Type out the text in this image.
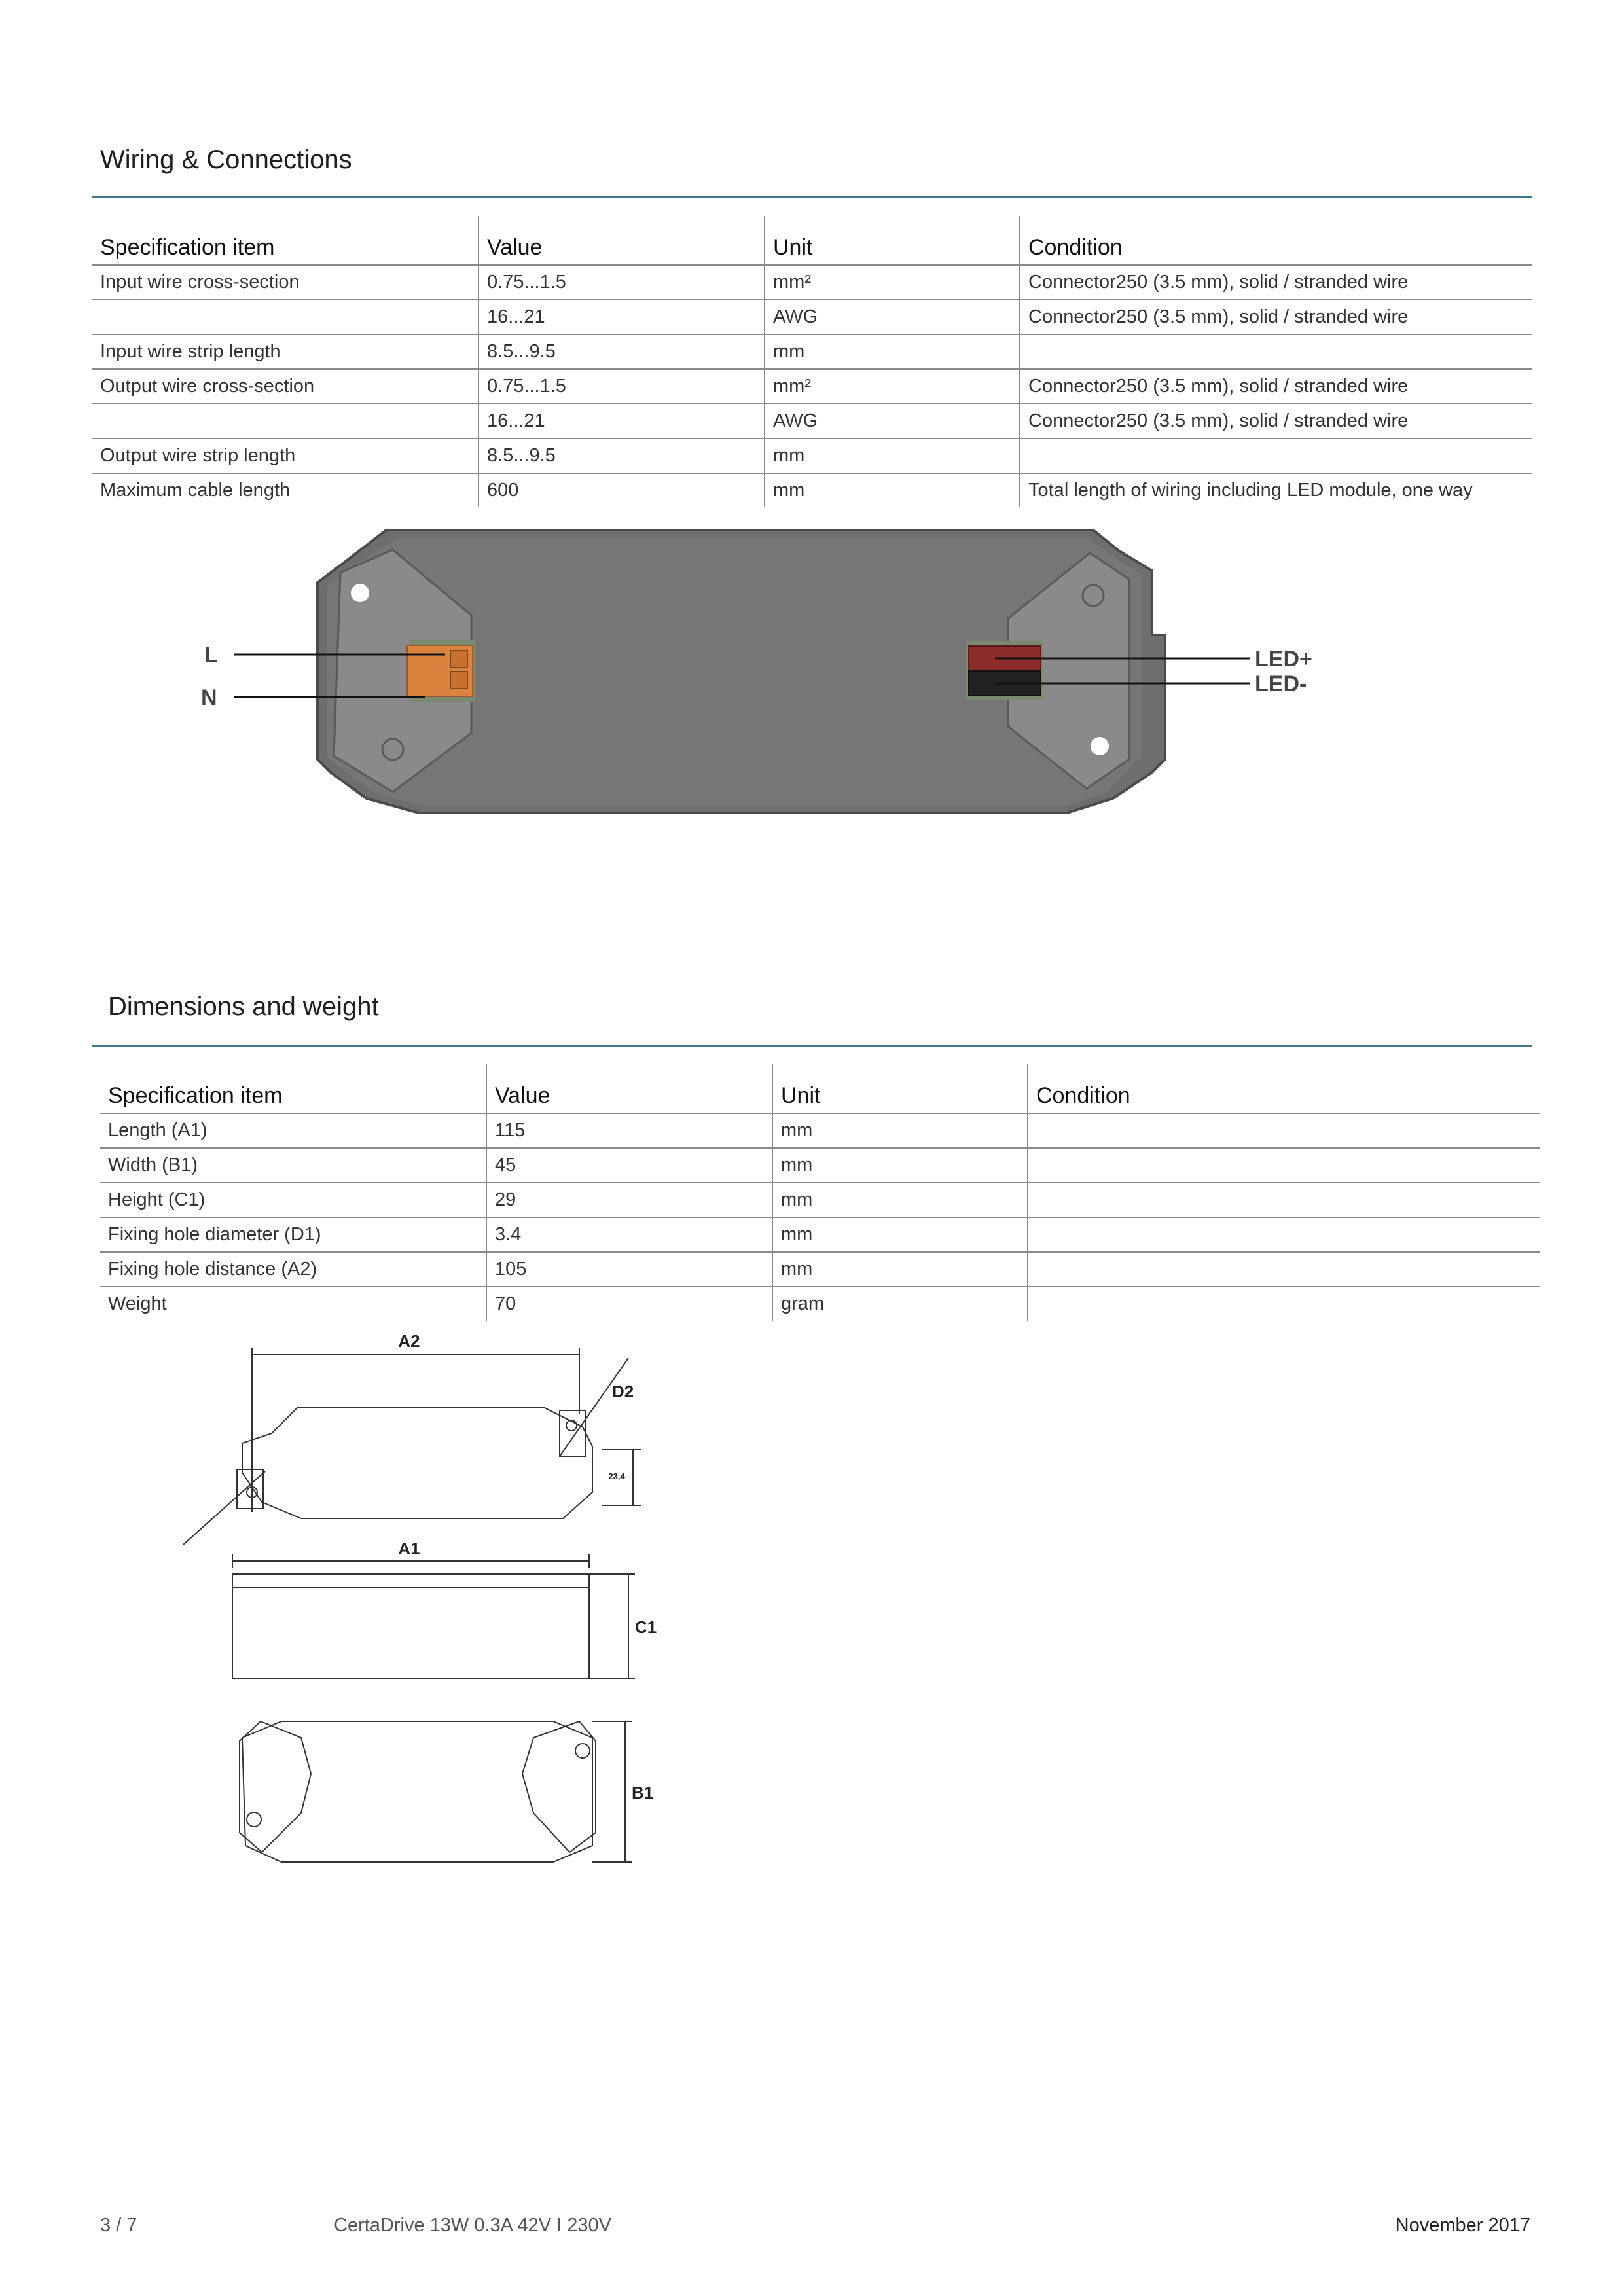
Wiring & Connections
Specification item	Value	Unit	Condition
Input wire cross-section	0.75...1.5	mm²	Connector250 (3.5 mm), solid / stranded wire
	16...21	AWG	Connector250 (3.5 mm), solid / stranded wire
Input wire strip length	8.5...9.5	mm	
Output wire cross-section	0.75...1.5	mm²	Connector250 (3.5 mm), solid / stranded wire
	16...21	AWG	Connector250 (3.5 mm), solid / stranded wire
Output wire strip length	8.5...9.5	mm	
Maximum cable length	600	mm	Total length of wiring including LED module, one way
L
N
LED+
LED-
Dimensions and weight
Specification item	Value	Unit	Condition
Length (A1)	115	mm	
Width (B1)	45	mm	
Height (C1)	29	mm	
Fixing hole diameter (D1)	3.4	mm	
Fixing hole distance (A2)	105	mm	
Weight	70	gram	
A2
D2
23,4
A1
C1
B1
3 / 7	CertaDrive 13W 0.3A 42V I 230V	November 2017
